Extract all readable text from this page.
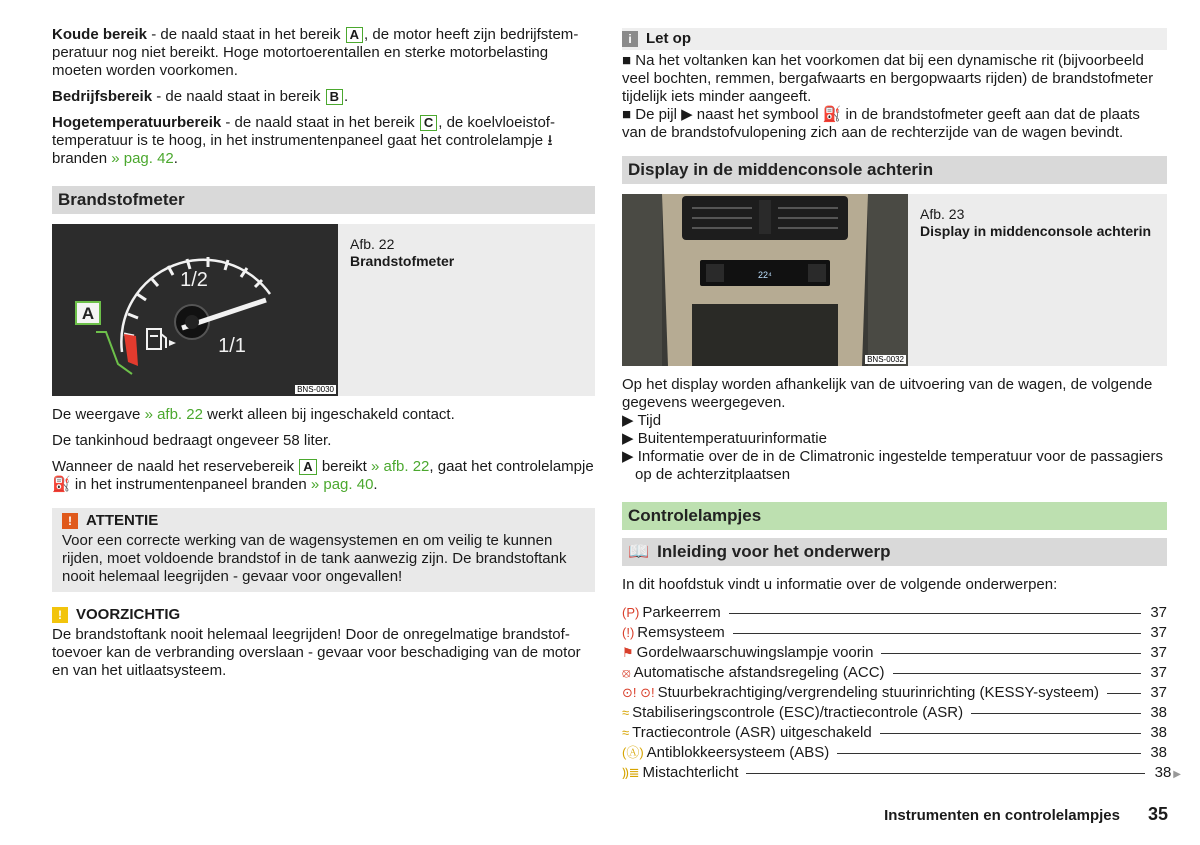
Koude bereik - de naald staat in het bereik A , de motor heeft zijn bedrijfstemperatuur nog niet bereikt. Hoge motortoerentallen en sterke motorbelasting moeten worden voorkomen.

Bedrijfsbereik - de naald staat in bereik B .

Hogetemperatuurbereik - de naald staat in het bereik C , de koelvloeistoftemperatuur is te hoog, in het instrumentenpaneel gaat het controlelampje ⭳ branden » pag. 42.

Brandstofmeter
A
1/2
1/1
BNS-0030
Afb. 22
Brandstofmeter

De weergave » afb. 22 werkt alleen bij ingeschakeld contact.

De tankinhoud bedraagt ongeveer 58 liter.

Wanneer de naald het reservebereik A bereikt » afb. 22, gaat het controlelampje ⛽ in het instrumentenpaneel branden » pag. 40.

! ATTENTIE
Voor een correcte werking van de wagensystemen en om veilig te kunnen rijden, moet voldoende brandstof in de tank aanwezig zijn. De brandstoftank nooit helemaal leegrijden - gevaar voor ongevallen!
! VOORZICHTIG
De brandstoftank nooit helemaal leegrijden! Door de onregelmatige brandstoftoevoer kan de verbranding overslaan - gevaar voor beschadiging van de motor en van het uitlaatsysteem.
i Let op
■ Na het voltanken kan het voorkomen dat bij een dynamische rit (bijvoorbeeld veel bochten, remmen, bergafwaarts en bergopwaarts rijden) de brandstofmeter tijdelijk iets minder aangeeft.
■ De pijl ▶ naast het symbool ⛽ in de brandstofmeter geeft aan dat de plaats van de brandstofvulopening zich aan de rechterzijde van de wagen bevindt.
Display in de middenconsole achterin
22⁴
BNS-0032
Afb. 23
Display in middenconsole achterin

Op het display worden afhankelijk van de uitvoering van de wagen, de volgende gegevens weergegeven.

▶ Tijd
▶ Buitentemperatuurinformatie
▶ Informatie over de in de Climatronic ingestelde temperatuur voor de passagiers op de achterzitplaatsen
Controlelampjes
📖 Inleiding voor het onderwerp

In dit hoofdstuk vindt u informatie over de volgende onderwerpen:

(P) Parkeerrem	37
(!) Remsysteem	37
⚑ Gordelwaarschuwingslampje voorin	37
⦻ Automatische afstandsregeling (ACC)	37
⊙! ⊙! Stuurbekrachtiging/vergrendeling stuurinrichting (KESSY-systeem)	37
≈ Stabiliseringscontrole (ESC)/tractiecontrole (ASR)	38
≈ Tractiecontrole (ASR) uitgeschakeld	38
(Ⓐ) Antiblokkeersysteem (ABS)	38
⸩≣ Mistachterlicht	38 ▶
Instrumenten en controlelampjes 35
